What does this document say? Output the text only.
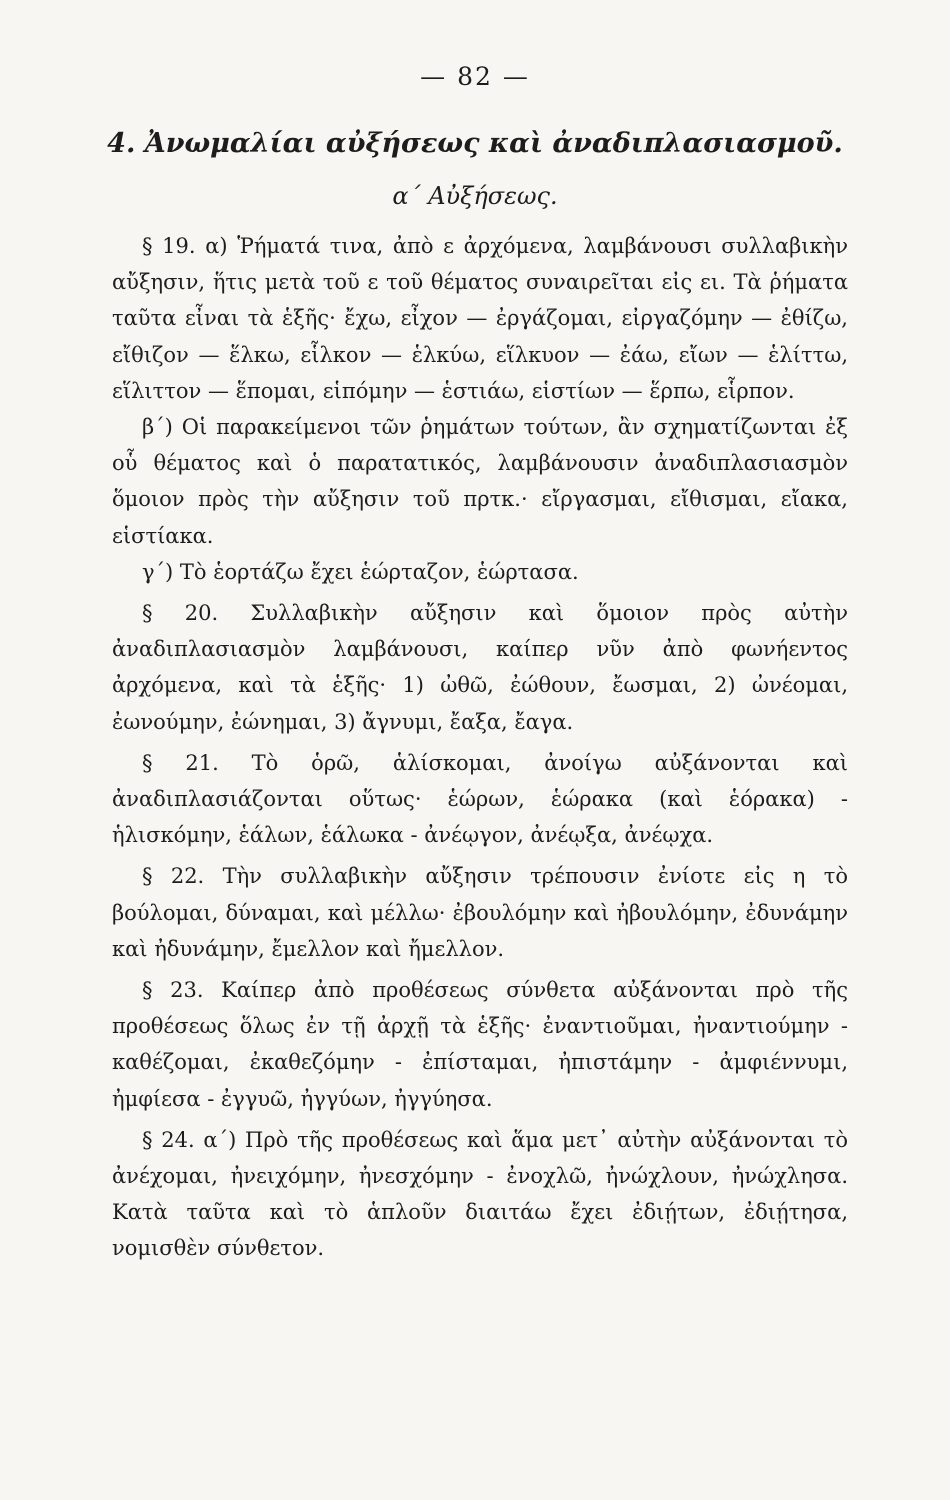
— 82 —
4. Ἀνωμαλίαι αὐξήσεως καὶ ἀναδιπλασιασμοῦ.
α΄ Αὐξήσεως.

§ 19. α) Ῥήματά τινα, ἀπὸ ε ἀρχόμενα, λαμβάνουσι συλλαβικὴν αὔξησιν, ἥτις μετὰ τοῦ ε τοῦ θέματος συναιρεῖται εἰς ει. Τὰ ῥήματα ταῦτα εἶναι τὰ ἑξῆς· ἔχω, εἶχον — ἐργάζομαι, εἰργαζόμην — ἐθίζω, εἴθιζον — ἕλκω, εἷλκον — ἑλκύω, εἵλκυον — ἐάω, εἴων — ἑλίττω, εἵλιττον — ἕπομαι, εἱπόμην — ἑστιάω, εἱστίων — ἕρπω, εἷρπον.

β΄) Οἱ παρακείμενοι τῶν ῥημάτων τούτων, ἂν σχηματίζωνται ἐξ οὗ θέματος καὶ ὁ παρατατικός, λαμβάνουσιν ἀναδιπλασιασμὸν ὅμοιον πρὸς τὴν αὔξησιν τοῦ πρτκ.· εἴργασμαι, εἴθισμαι, εἴακα, εἱστίακα.

γ΄) Τὸ ἑορτάζω ἔχει ἑώρταζον, ἑώρτασα.

§ 20. Συλλαβικὴν αὔξησιν καὶ ὅμοιον πρὸς αὐτὴν ἀναδιπλασιασμὸν λαμβάνουσι, καίπερ νῦν ἀπὸ φωνήεντος ἀρχόμενα, καὶ τὰ ἑξῆς· 1) ὠθῶ, ἐώθουν, ἔωσμαι, 2) ὠνέομαι, ἐωνούμην, ἐώνημαι, 3) ἄγνυμι, ἔαξα, ἔαγα.

§ 21. Τὸ ὁρῶ, ἁλίσκομαι, ἀνοίγω αὐξάνονται καὶ ἀναδιπλασιάζονται οὕτως· ἑώρων, ἑώρακα (καὶ ἑόρακα) - ἡλισκόμην, ἑάλων, ἑάλωκα - ἀνέῳγον, ἀνέῳξα, ἀνέῳχα.

§ 22. Τὴν συλλαβικὴν αὔξησιν τρέπουσιν ἐνίοτε εἰς η τὸ βούλομαι, δύναμαι, καὶ μέλλω· ἐβουλόμην καὶ ἠβουλόμην, ἐδυνάμην καὶ ἠδυνάμην, ἔμελλον καὶ ἤμελλον.

§ 23. Καίπερ ἀπὸ προθέσεως σύνθετα αὐξάνονται πρὸ τῆς προθέσεως ὅλως ἐν τῇ ἀρχῇ τὰ ἑξῆς· ἐναντιοῦμαι, ἠναντιούμην - καθέζομαι, ἐκαθεζόμην - ἐπίσταμαι, ἠπιστάμην - ἀμφιέννυμι, ἠμφίεσα - ἐγγυῶ, ἠγγύων, ἠγγύησα.

§ 24. α΄) Πρὸ τῆς προθέσεως καὶ ἅμα μετ᾽ αὐτὴν αὐξάνονται τὸ ἀνέχομαι, ἠνειχόμην, ἠνεσχόμην - ἐνοχλῶ, ἠνώχλουν, ἠνώχλησα. Κατὰ ταῦτα καὶ τὸ ἁπλοῦν διαιτάω ἔχει ἐδιῄτων, ἐδιῄτησα, νομισθὲν σύνθετον.
